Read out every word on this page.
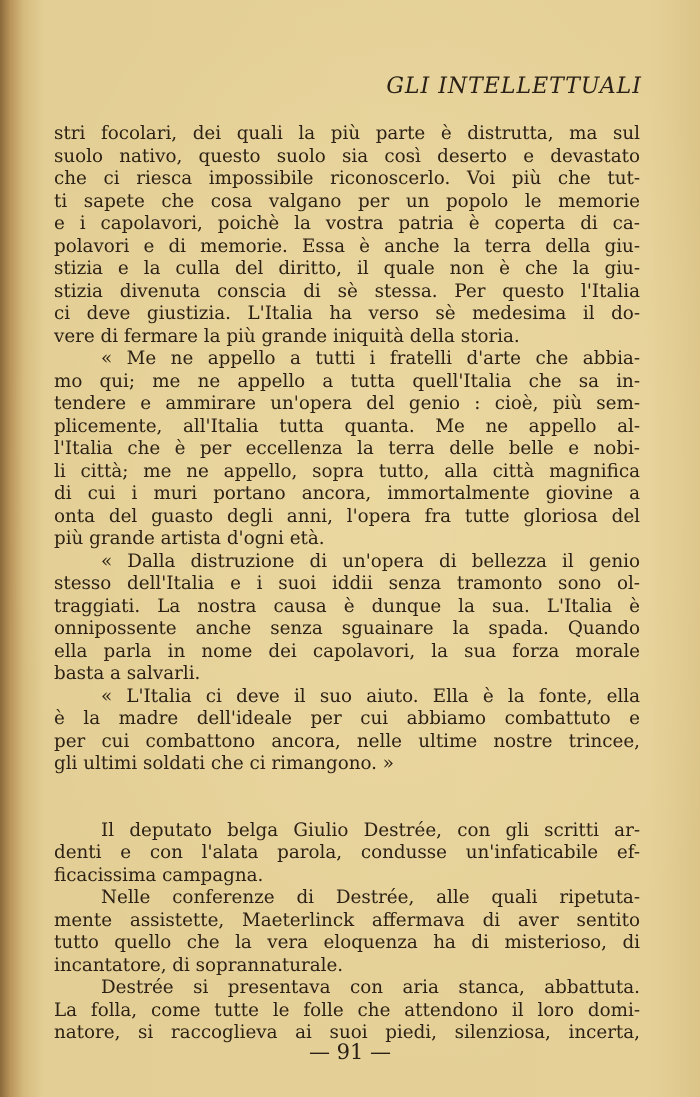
GLI INTELLETTUALI
stri focolari, dei quali la più parte è distrutta, ma sul
suolo nativo, questo suolo sia così deserto e devastato
che ci riesca impossibile riconoscerlo. Voi più che tut-
ti sapete che cosa valgano per un popolo le memorie
e i capolavori, poichè la vostra patria è coperta di ca-
polavori e di memorie. Essa è anche la terra della giu-
stizia e la culla del diritto, il quale non è che la giu-
stizia divenuta conscia di sè stessa. Per questo l'Italia
ci deve giustizia. L'Italia ha verso sè medesima il do-
vere di fermare la più grande iniquità della storia.
« Me ne appello a tutti i fratelli d'arte che abbia-
mo qui; me ne appello a tutta quell'Italia che sa in-
tendere e ammirare un'opera del genio : cioè, più sem-
plicemente, all'Italia tutta quanta. Me ne appello al-
l'Italia che è per eccellenza la terra delle belle e nobi-
li città; me ne appello, sopra tutto, alla città magnifica
di cui i muri portano ancora, immortalmente giovine a
onta del guasto degli anni, l'opera fra tutte gloriosa del
più grande artista d'ogni età.
« Dalla distruzione di un'opera di bellezza il genio
stesso dell'Italia e i suoi iddii senza tramonto sono ol-
traggiati. La nostra causa è dunque la sua. L'Italia è
onnipossente anche senza sguainare la spada. Quando
ella parla in nome dei capolavori, la sua forza morale
basta a salvarli.
« L'Italia ci deve il suo aiuto. Ella è la fonte, ella
è la madre dell'ideale per cui abbiamo combattuto e
per cui combattono ancora, nelle ultime nostre trincee,
gli ultimi soldati che ci rimangono. »
Il deputato belga Giulio Destrée, con gli scritti ar-
denti e con l'alata parola, condusse un'infaticabile ef-
ficacissima campagna.
Nelle conferenze di Destrée, alle quali ripetuta-
mente assistette, Maeterlinck affermava di aver sentito
tutto quello che la vera eloquenza ha di misterioso, di
incantatore, di soprannaturale.
Destrée si presentava con aria stanca, abbattuta.
La folla, come tutte le folle che attendono il loro domi-
natore, si raccoglieva ai suoi piedi, silenziosa, incerta,
— 91 —
